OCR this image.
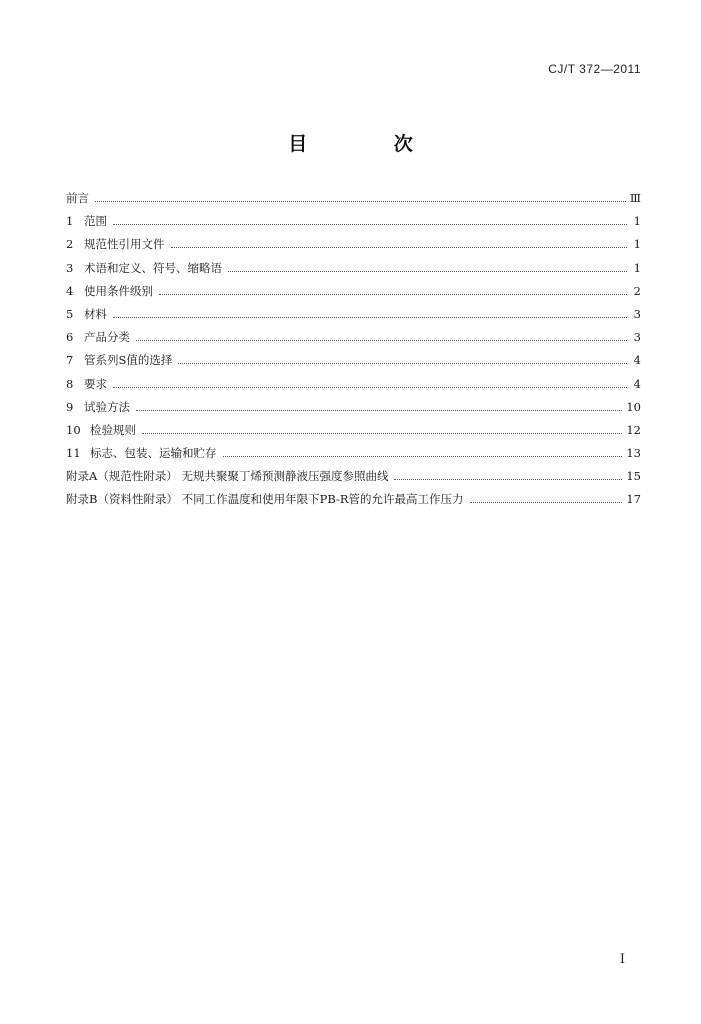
CJ/T 372—2011
目 次
前言	Ⅲ
1 范围	1
2 规范性引用文件	1
3 术语和定义、符号、缩略语	1
4 使用条件级别	2
5 材料	3
6 产品分类	3
7 管系列S值的选择	4
8 要求	4
9 试验方法	10
10 检验规则	12
11 标志、包装、运输和贮存	13
附录A（规范性附录） 无规共聚聚丁烯预测静液压强度参照曲线	15
附录B（资料性附录） 不同工作温度和使用年限下PB-R管的允许最高工作压力	17
Ⅰ
